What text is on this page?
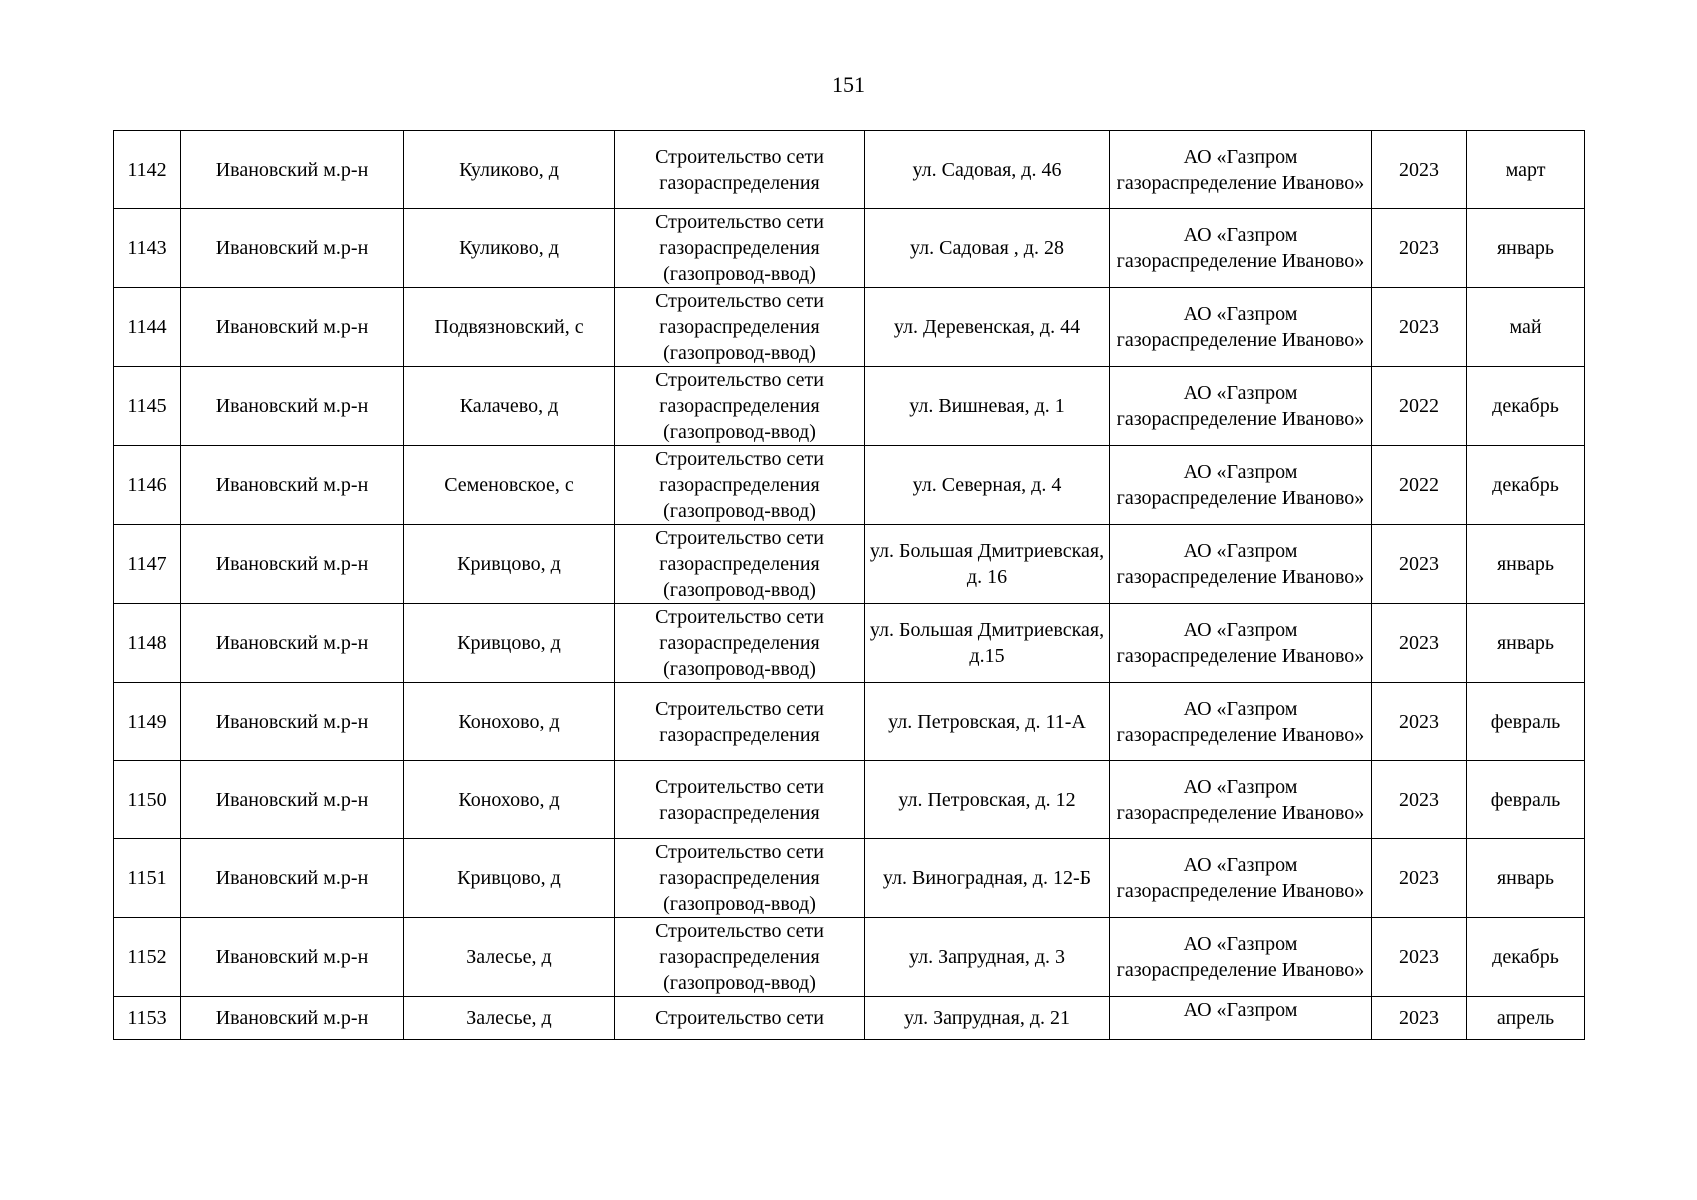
151
1142	Ивановский м.р-н	Куликово, д	Строительство сети газораспределения	ул. Садовая, д. 46	АО «Газпром газораспределение Иваново»	2023	март
1143	Ивановский м.р-н	Куликово, д	Строительство сети газораспределения (газопровод-ввод)	ул. Садовая , д. 28	АО «Газпром газораспределение Иваново»	2023	январь
1144	Ивановский м.р-н	Подвязновский, с	Строительство сети газораспределения (газопровод-ввод)	ул. Деревенская, д. 44	АО «Газпром газораспределение Иваново»	2023	май
1145	Ивановский м.р-н	Калачево, д	Строительство сети газораспределения (газопровод-ввод)	ул. Вишневая, д. 1	АО «Газпром газораспределение Иваново»	2022	декабрь
1146	Ивановский м.р-н	Семеновское, с	Строительство сети газораспределения (газопровод-ввод)	ул. Северная, д. 4	АО «Газпром газораспределение Иваново»	2022	декабрь
1147	Ивановский м.р-н	Кривцово, д	Строительство сети газораспределения (газопровод-ввод)	ул. Большая Дмитриевская, д. 16	АО «Газпром газораспределение Иваново»	2023	январь
1148	Ивановский м.р-н	Кривцово, д	Строительство сети газораспределения (газопровод-ввод)	ул. Большая Дмитриевская, д.15	АО «Газпром газораспределение Иваново»	2023	январь
1149	Ивановский м.р-н	Конохово, д	Строительство сети газораспределения	ул. Петровская, д. 11-А	АО «Газпром газораспределение Иваново»	2023	февраль
1150	Ивановский м.р-н	Конохово, д	Строительство сети газораспределения	ул. Петровская, д. 12	АО «Газпром газораспределение Иваново»	2023	февраль
1151	Ивановский м.р-н	Кривцово, д	Строительство сети газораспределения (газопровод-ввод)	ул. Виноградная, д. 12-Б	АО «Газпром газораспределение Иваново»	2023	январь
1152	Ивановский м.р-н	Залесье, д	Строительство сети газораспределения (газопровод-ввод)	ул. Запрудная, д. 3	АО «Газпром газораспределение Иваново»	2023	декабрь
1153	Ивановский м.р-н	Залесье, д	Строительство сети	ул. Запрудная, д. 21	АО «Газпром	2023	апрель
